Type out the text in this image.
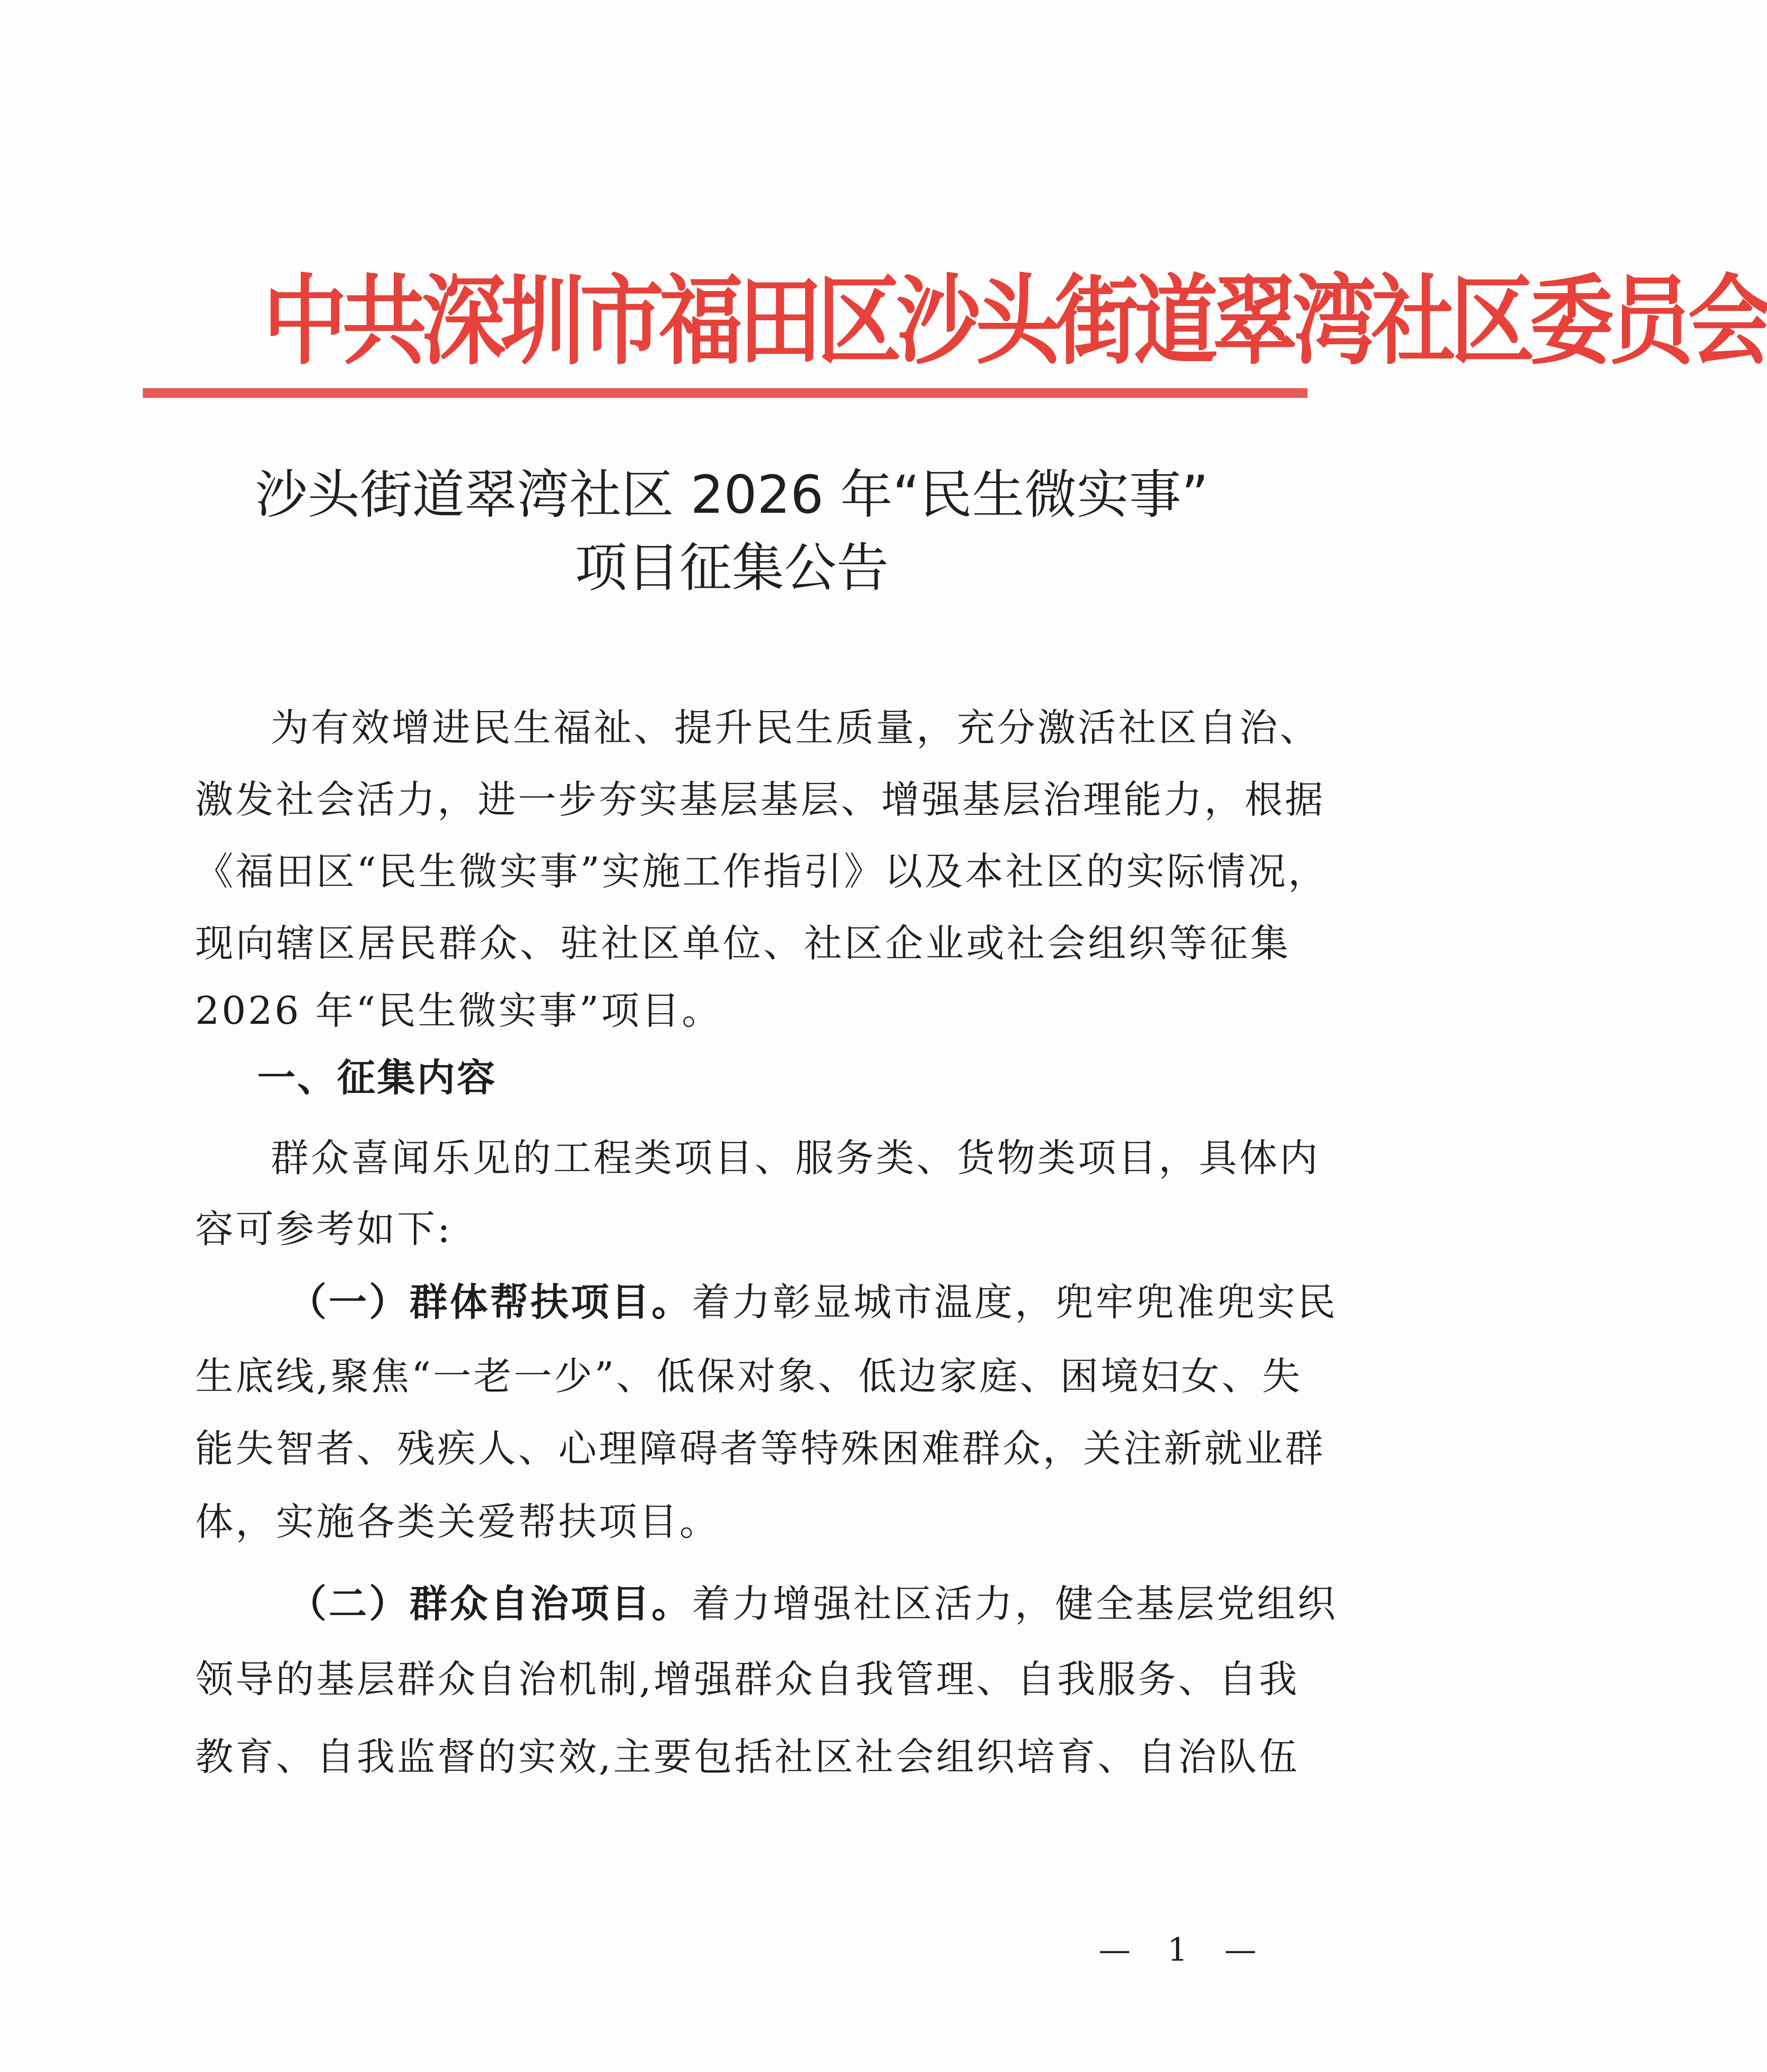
中共深圳市福田区沙头街道翠湾社区委员会
沙头街道翠湾社区 2026 年“民生微实事”
项目征集公告
为有效增进民生福祉、提升民生质量，充分激活社区自治、
激发社会活力，进一步夯实基层基层、增强基层治理能力，根据
《福田区“民生微实事”实施工作指引》以及本社区的实际情况，
现向辖区居民群众、驻社区单位、社区企业或社会组织等征集
2026 年“民生微实事”项目。
一、征集内容
群众喜闻乐见的工程类项目、服务类、货物类项目，具体内
容可参考如下:
（一）群体帮扶项目。着力彰显城市温度，兜牢兜准兜实民
生底线,聚焦“一老一少”、低保对象、低边家庭、困境妇女、失
能失智者、残疾人、心理障碍者等特殊困难群众，关注新就业群
体，实施各类关爱帮扶项目。
（二）群众自治项目。着力增强社区活力，健全基层党组织
领导的基层群众自治机制,增强群众自我管理、自我服务、自我
教育、自我监督的实效,主要包括社区社会组织培育、自治队伍
— 1 —
